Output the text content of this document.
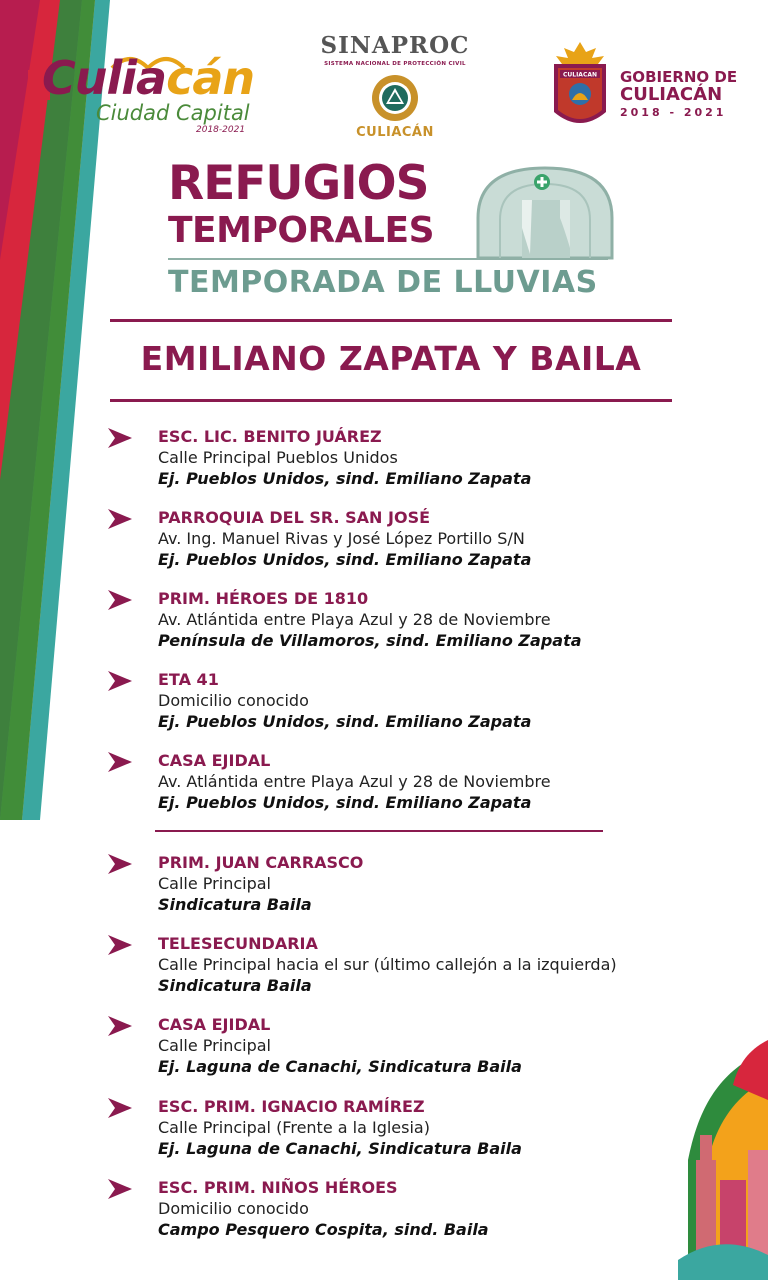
Culiacán
Ciudad Capital
2018-2021
SINAPROC
SISTEMA NACIONAL DE PROTECCIÓN CIVIL
CULIACÁN
CULIACAN GOBIERNO DE
CULIACÁN
2018 - 2021
REFUGIOS
TEMPORALES
TEMPORADA DE LLUVIAS
EMILIANO ZAPATA Y BAILA
ESC. LIC. BENITO JUÁREZ
Calle Principal Pueblos Unidos
Ej. Pueblos Unidos, sind. Emiliano Zapata
PARROQUIA DEL SR. SAN JOSÉ
Av. Ing. Manuel Rivas y José López Portillo S/N
Ej. Pueblos Unidos, sind. Emiliano Zapata
PRIM. HÉROES DE 1810
Av. Atlántida entre Playa Azul y 28 de Noviembre
Península de Villamoros, sind. Emiliano Zapata
ETA 41
Domicilio conocido
Ej. Pueblos Unidos, sind. Emiliano Zapata
CASA EJIDAL
Av. Atlántida entre Playa Azul y 28 de Noviembre
Ej. Pueblos Unidos, sind. Emiliano Zapata
PRIM. JUAN CARRASCO
Calle Principal
Sindicatura Baila
TELESECUNDARIA
Calle Principal hacia el sur (último callejón a la izquierda)
Sindicatura Baila
CASA EJIDAL
Calle Principal
Ej. Laguna de Canachi, Sindicatura Baila
ESC. PRIM. IGNACIO RAMÍREZ
Calle Principal (Frente a la Iglesia)
Ej. Laguna de Canachi, Sindicatura Baila
ESC. PRIM. NIÑOS HÉROES
Domicilio conocido
Campo Pesquero Cospita, sind. Baila
